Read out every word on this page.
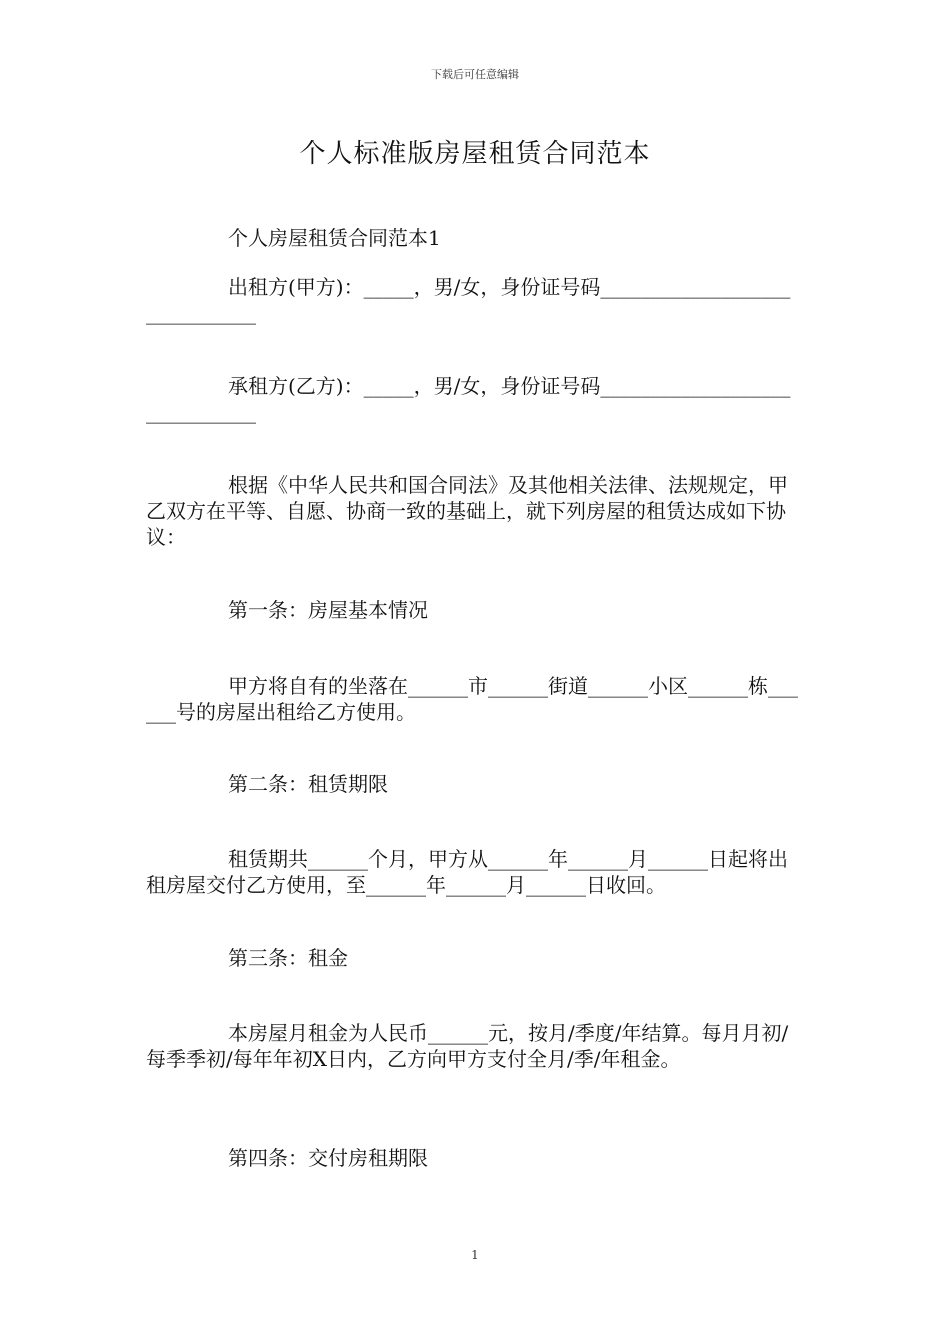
下载后可任意编辑
个人标准版房屋租赁合同范本

个人房屋租赁合同范本1

出租方(甲方)：_____，男/女，身份证号码______________________________

承租方(乙方)：_____，男/女，身份证号码______________________________

根据《中华人民共和国合同法》及其他相关法律、法规规定，甲乙双方在平等、自愿、协商一致的基础上，就下列房屋的租赁达成如下协议：

第一条：房屋基本情况

甲方将自有的坐落在______市______街道______小区______栋______号的房屋出租给乙方使用。

第二条：租赁期限

租赁期共______个月，甲方从______年______月______日起将出租房屋交付乙方使用，至______年______月______日收回。

第三条：租金

本房屋月租金为人民币______元，按月/季度/年结算。每月月初/每季季初/每年年初X日内，乙方向甲方支付全月/季/年租金。

第四条：交付房租期限

1
